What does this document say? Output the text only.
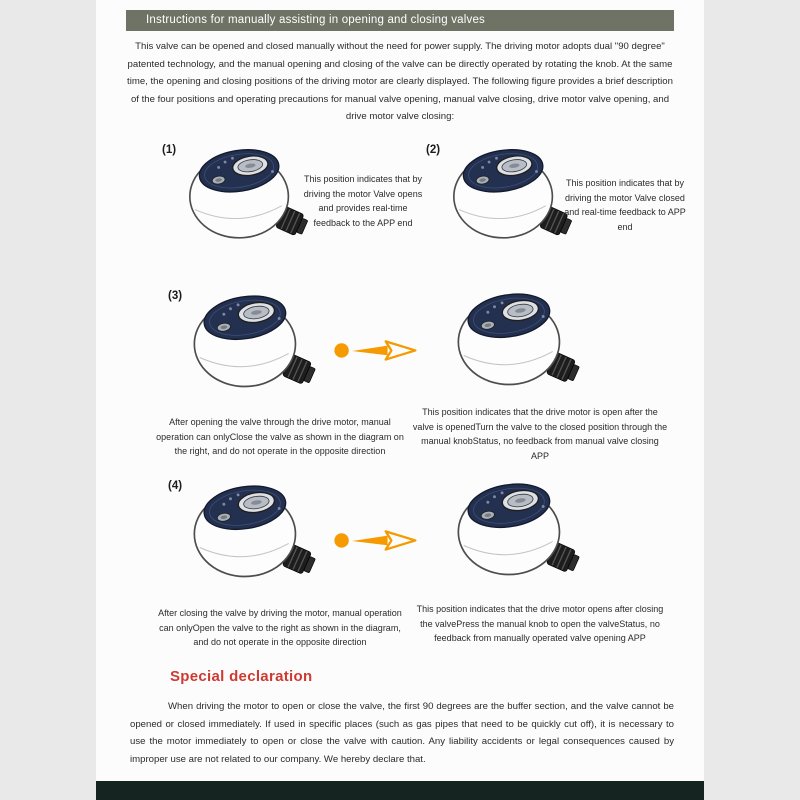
Instructions for manually assisting in opening and closing valves

This valve can be opened and closed manually without the need for power supply. The driving motor adopts dual "90 degree" patented technology, and the manual opening and closing of the valve can be directly operated by rotating the knob. At the same time, the opening and closing positions of the driving motor are clearly displayed. The following figure provides a brief description of the four positions and operating precautions for manual valve opening, manual valve closing, drive motor valve opening, and drive motor valve closing:

(1)
This position indicates that by driving the motor Valve opens and provides real-time feedback to the APP end
(2)
This position indicates that by driving the motor Valve closed and real-time feedback to APP end
(3)
After opening the valve through the drive motor, manual operation can onlyClose the valve as shown in the diagram on the right, and do not operate in the opposite direction
This position indicates that the drive motor is open after the valve is openedTurn the valve to the closed position through the manual knobStatus, no feedback from manual valve closing APP
(4)
After closing the valve by driving the motor, manual operation can onlyOpen the valve to the right as shown in the diagram, and do not operate in the opposite direction
This position indicates that the drive motor opens after closing the valvePress the manual knob to open the valveStatus, no feedback from manually operated valve opening APP
Special declaration

When driving the motor to open or close the valve, the first 90 degrees are the buffer section, and the valve cannot be opened or closed immediately. If used in specific places (such as gas pipes that need to be quickly cut off), it is necessary to use the motor immediately to open or close the valve with caution. Any liability accidents or legal consequences caused by improper use are not related to our company. We hereby declare that.
